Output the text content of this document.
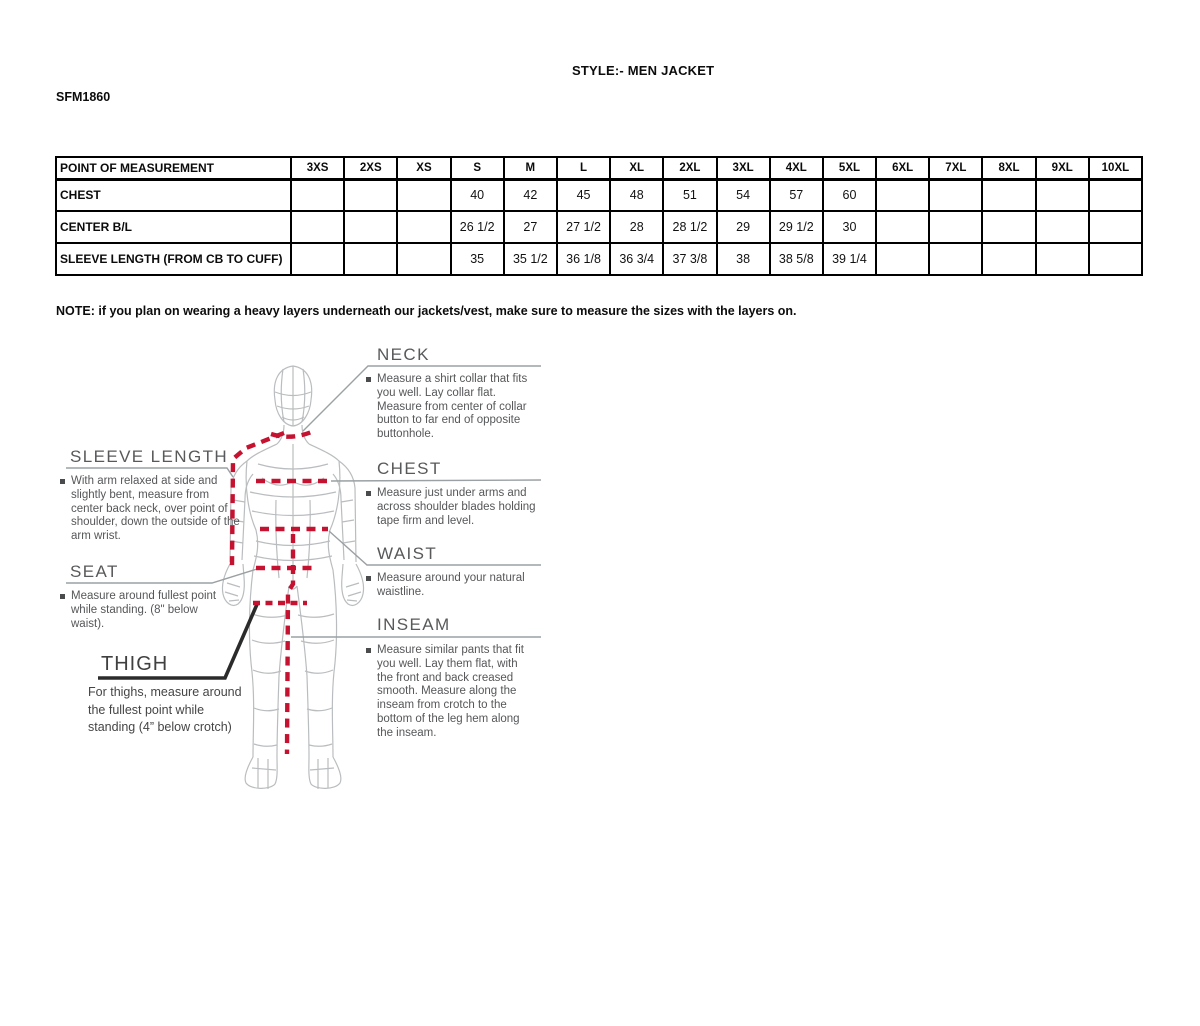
STYLE:- MEN JACKET
SFM1860
POINT OF MEASUREMENT	3XS	2XS	XS	S	M	L	XL	2XL	3XL	4XL	5XL	6XL	7XL	8XL	9XL	10XL
CHEST				40	42	45	48	51	54	57	60					
CENTER B/L				26 1/2	27	27 1/2	28	28 1/2	29	29 1/2	30					
SLEEVE LENGTH (FROM CB TO CUFF)				35	35 1/2	36 1/8	36 3/4	37 3/8	38	38 5/8	39 1/4					
NOTE: if you plan on wearing a heavy layers underneath our jackets/vest, make sure to measure the sizes with the layers on.
NECK

Measure a shirt collar that fits you well. Lay collar flat. Measure from center of collar button to far end of opposite buttonhole.

SLEEVE LENGTH

With arm relaxed at side and slightly bent, measure from center back neck, over point of shoulder, down the outside of the arm wrist.

CHEST

Measure just under arms and across shoulder blades holding tape firm and level.

WAIST

Measure around your natural waistline.

SEAT

Measure around fullest point while standing. (8" below waist).

THIGH
For thighs, measure around the fullest point while standing (4” below crotch)
INSEAM

Measure similar pants that fit you well. Lay them flat, with the front and back creased smooth. Measure along the inseam from crotch to the bottom of the leg hem along the inseam.
